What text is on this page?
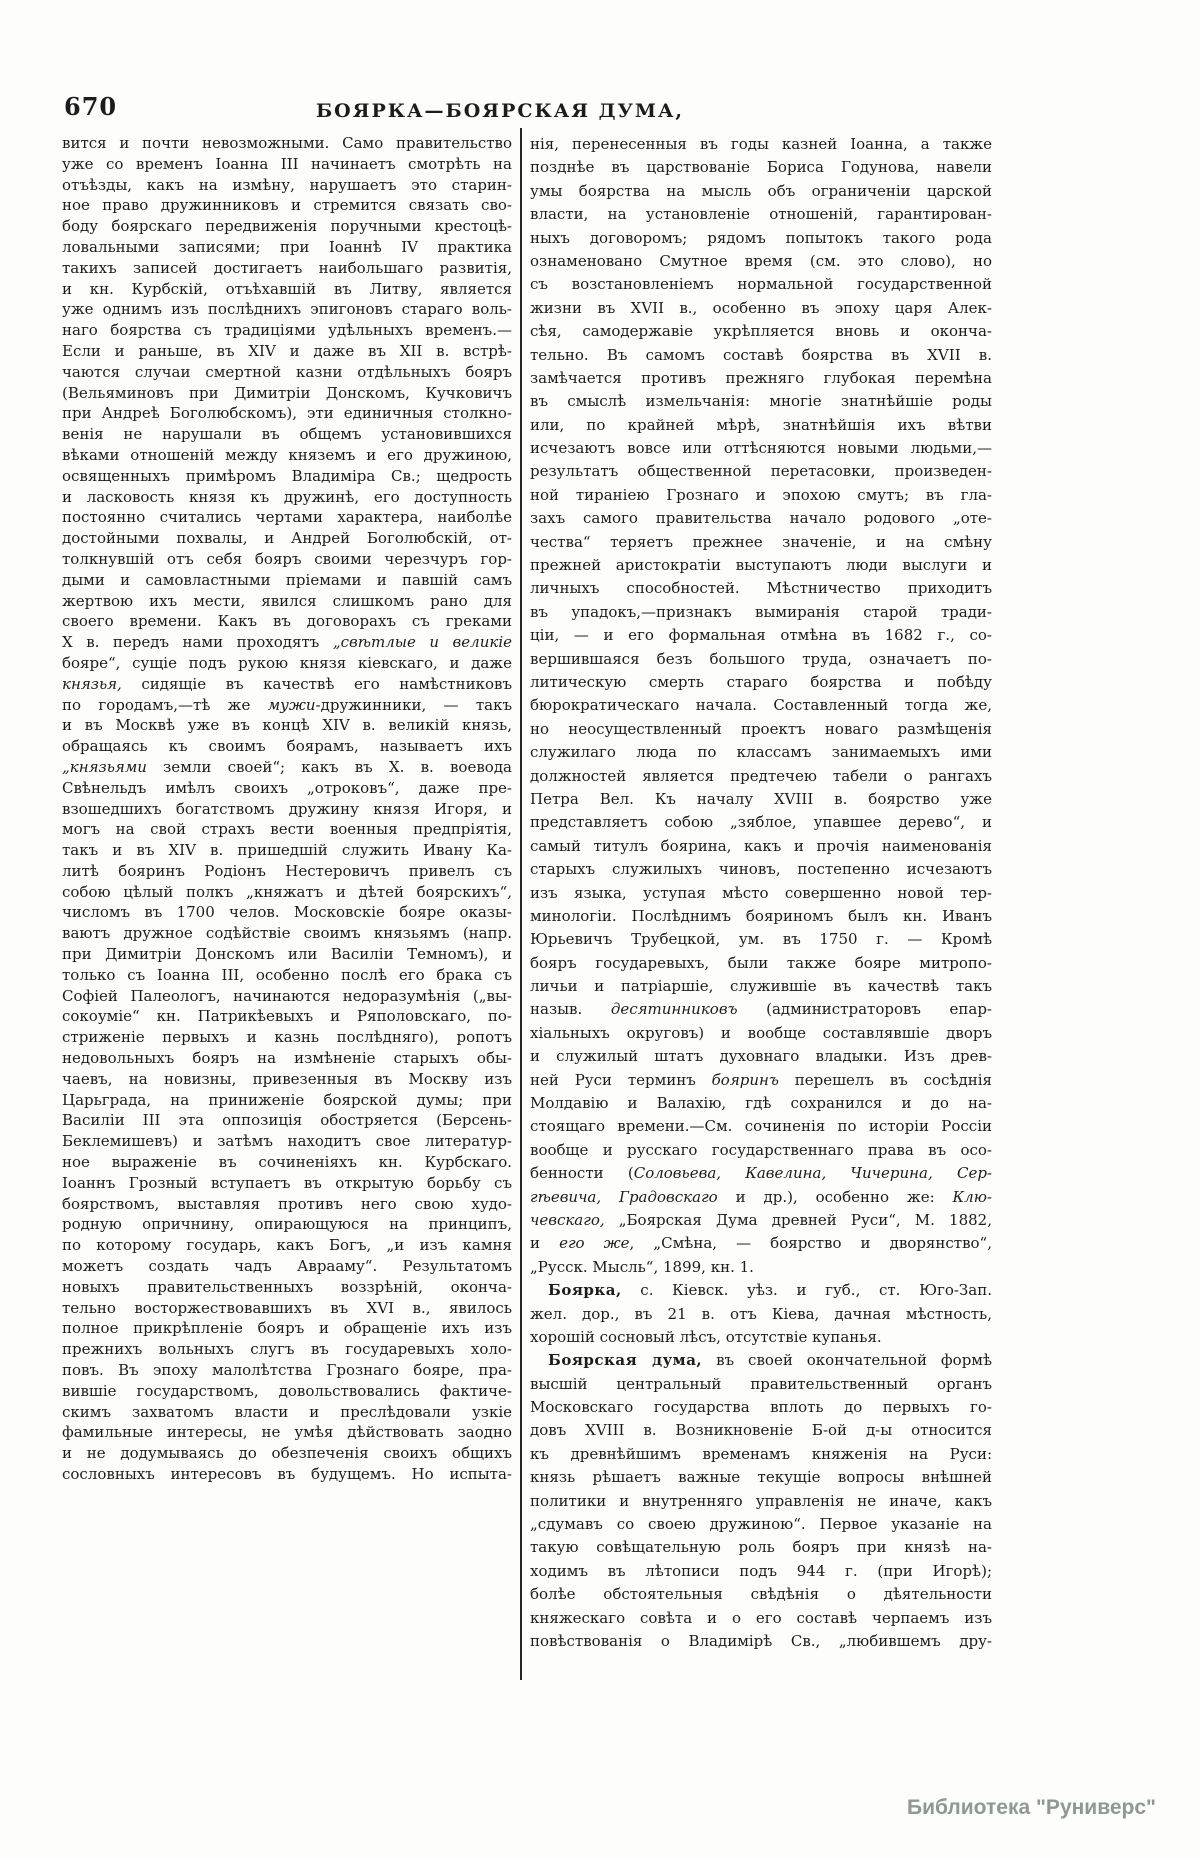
670	БОЯРКА—БОЯРСКАЯ ДУМА,
вится и почти невозможными. Само правительство
уже со временъ Іоанна III начинаетъ смотрѣть на
отъѣзды, какъ на измѣну, нарушаетъ это старин-
ное право дружинниковъ и стремится связать сво-
боду боярскаго передвиженія поручными крестоцѣ-
ловальными записями; при Іоаннѣ IV практика
такихъ записей достигаетъ наибольшаго развитія,
и кн. Курбскій, отъѣхавшій въ Литву, является
уже однимъ изъ послѣднихъ эпигоновъ стараго воль-
наго боярства съ традиціями удѣльныхъ временъ.—
Если и раньше, въ XIV и даже въ XII в. встрѣ-
чаются случаи смертной казни отдѣльныхъ бояръ
(Вельяминовъ при Димитріи Донскомъ, Кучковичъ
при Андреѣ Боголюбскомъ), эти единичныя столкно-
венія не нарушали въ общемъ установившихся
вѣками отношеній между княземъ и его дружиною,
освященныхъ примѣромъ Владиміра Св.; щедрость
и ласковость князя къ дружинѣ, его доступность
постоянно считались чертами характера, наиболѣе
достойными похвалы, и Андрей Боголюбскій, от-
толкнувшій отъ себя бояръ своими черезчуръ гор-
дыми и самовластными пріемами и павшій самъ
жертвою ихъ мести, явился слишкомъ рано для
своего времени. Какъ въ договорахъ съ греками
X в. передъ нами проходятъ „свѣтлые и великіе
бояре“, сущіе подъ рукою князя кіевскаго, и даже
князья, сидящіе въ качествѣ его намѣстниковъ
по городамъ,—тѣ же мужи-дружинники, — такъ
и въ Москвѣ уже въ концѣ XIV в. великій князь,
обращаясь къ своимъ боярамъ, называетъ ихъ
„князьями земли своей“; какъ въ X. в. воевода
Свѣнельдъ имѣлъ своихъ „отроковъ“, даже пре-
взошедшихъ богатствомъ дружину князя Игоря, и
могъ на свой страхъ вести военныя предпріятія,
такъ и въ XIV в. пришедшій служить Ивану Ка-
литѣ бояринъ Родіонъ Нестеровичъ привелъ съ
собою цѣлый полкъ „княжатъ и дѣтей боярскихъ“,
числомъ въ 1700 челов. Московскіе бояре оказы-
ваютъ дружное содѣйствіе своимъ князьямъ (напр.
при Димитріи Донскомъ или Василіи Темномъ), и
только съ Іоанна III, особенно послѣ его брака съ
Софіей Палеологъ, начинаются недоразумѣнія („вы-
сокоуміе“ кн. Патрикѣевыхъ и Ряполовскаго, по-
стриженіе первыхъ и казнь послѣдняго), ропотъ
недовольныхъ бояръ на измѣненіе старыхъ обы-
чаевъ, на новизны, привезенныя въ Москву изъ
Царьграда, на приниженіе боярской думы; при
Василіи III эта оппозиція обостряется (Берсень-
Беклемишевъ) и затѣмъ находитъ свое литератур-
ное выраженіе въ сочиненіяхъ кн. Курбскаго.
Іоаннъ Грозный вступаетъ въ открытую борьбу съ
боярствомъ, выставляя противъ него свою худо-
родную опричнину, опирающуюся на принципъ,
по которому государь, какъ Богъ, „и изъ камня
можетъ создать чадъ Аврааму“. Результатомъ
новыхъ правительственныхъ воззрѣній, оконча-
тельно восторжествовавшихъ въ XVI в., явилось
полное прикрѣпленіе бояръ и обращеніе ихъ изъ
прежнихъ вольныхъ слугъ въ государевыхъ холо-
повъ. Въ эпоху малолѣтства Грознаго бояре, пра-
вившіе государствомъ, довольствовались фактиче-
скимъ захватомъ власти и преслѣдовали узкіе
фамильные интересы, не умѣя дѣйствовать заодно
и не додумываясь до обезпеченія своихъ общихъ
сословныхъ интересовъ въ будущемъ. Но испыта-
нія, перенесенныя въ годы казней Іоанна, а также
позднѣе въ царствованіе Бориса Годунова, навели
умы боярства на мысль объ ограниченіи царской
власти, на установленіе отношеній, гарантирован-
ныхъ договоромъ; рядомъ попытокъ такого рода
ознаменовано Смутное время (см. это слово), но
съ возстановленіемъ нормальной государственной
жизни въ XVII в., особенно въ эпоху царя Алек-
сѣя, самодержавіе укрѣпляется вновь и оконча-
тельно. Въ самомъ составѣ боярства въ XVII в.
замѣчается противъ прежняго глубокая перемѣна
въ смыслѣ измельчанія: многіе знатнѣйшіе роды
или, по крайней мѣрѣ, знатнѣйшія ихъ вѣтви
исчезаютъ вовсе или оттѣсняются новыми людьми,—
результатъ общественной перетасовки, произведен-
ной тираніею Грознаго и эпохою смутъ; въ гла-
захъ самого правительства начало родового „оте-
чества“ теряетъ прежнее значеніе, и на смѣну
прежней аристократіи выступаютъ люди выслуги и
личныхъ способностей. Мѣстничество приходитъ
въ упадокъ,—признакъ вымиранія старой тради-
ціи, — и его формальная отмѣна въ 1682 г., со-
вершившаяся безъ большого труда, означаетъ по-
литическую смерть стараго боярства и побѣду
бюрократическаго начала. Составленный тогда же,
но неосуществленный проектъ новаго размѣщенія
служилаго люда по классамъ занимаемыхъ ими
должностей является предтечею табели о рангахъ
Петра Вел. Къ началу XVIII в. боярство уже
представляетъ собою „зяблое, упавшее дерево“, и
самый титулъ боярина, какъ и прочія наименованія
старыхъ служилыхъ чиновъ, постепенно исчезаютъ
изъ языка, уступая мѣсто совершенно новой тер-
минологіи. Послѣднимъ бояриномъ былъ кн. Иванъ
Юрьевичъ Трубецкой, ум. въ 1750 г. — Кромѣ
бояръ государевыхъ, были также бояре митропо-
личьи и патріаршіе, служившіе въ качествѣ такъ
назыв. десятинниковъ (администраторовъ епар-
хіальныхъ округовъ) и вообще составлявшіе дворъ
и служилый штатъ духовнаго владыки. Изъ древ-
ней Руси терминъ бояринъ перешелъ въ сосѣднія
Молдавію и Валахію, гдѣ сохранился и до на-
стоящаго времени.—См. сочиненія по исторіи Россіи
вообще и русскаго государственнаго права въ осо-
бенности (Соловьева, Кавелина, Чичерина, Сер-
гѣевича, Градовскаго и др.), особенно же: Клю-
чевскаго, „Боярская Дума древней Руси“, М. 1882,
и его же, „Смѣна, — боярство и дворянство“,
„Русск. Мысль“, 1899, кн. 1.
Боярка, с. Кіевск. уѣз. и губ., ст. Юго-Зап.
жел. дор., въ 21 в. отъ Кіева, дачная мѣстность,
хорошій сосновый лѣсъ, отсутствіе купанья.
Боярская дума, въ своей окончательной формѣ
высшій центральный правительственный органъ
Московскаго государства вплоть до первыхъ го-
довъ XVIII в. Возникновеніе Б-ой д-ы относится
къ древнѣйшимъ временамъ княженія на Руси:
князь рѣшаетъ важные текущіе вопросы внѣшней
политики и внутренняго управленія не иначе, какъ
„сдумавъ со своею дружиною“. Первое указаніе на
такую совѣщательную роль бояръ при князѣ на-
ходимъ въ лѣтописи подъ 944 г. (при Игорѣ);
болѣе обстоятельныя свѣдѣнія о дѣятельности
княжескаго совѣта и о его составѣ черпаемъ изъ
повѣствованія о Владимірѣ Св., „любившемъ дру-
Библиотека "Руниверс"
